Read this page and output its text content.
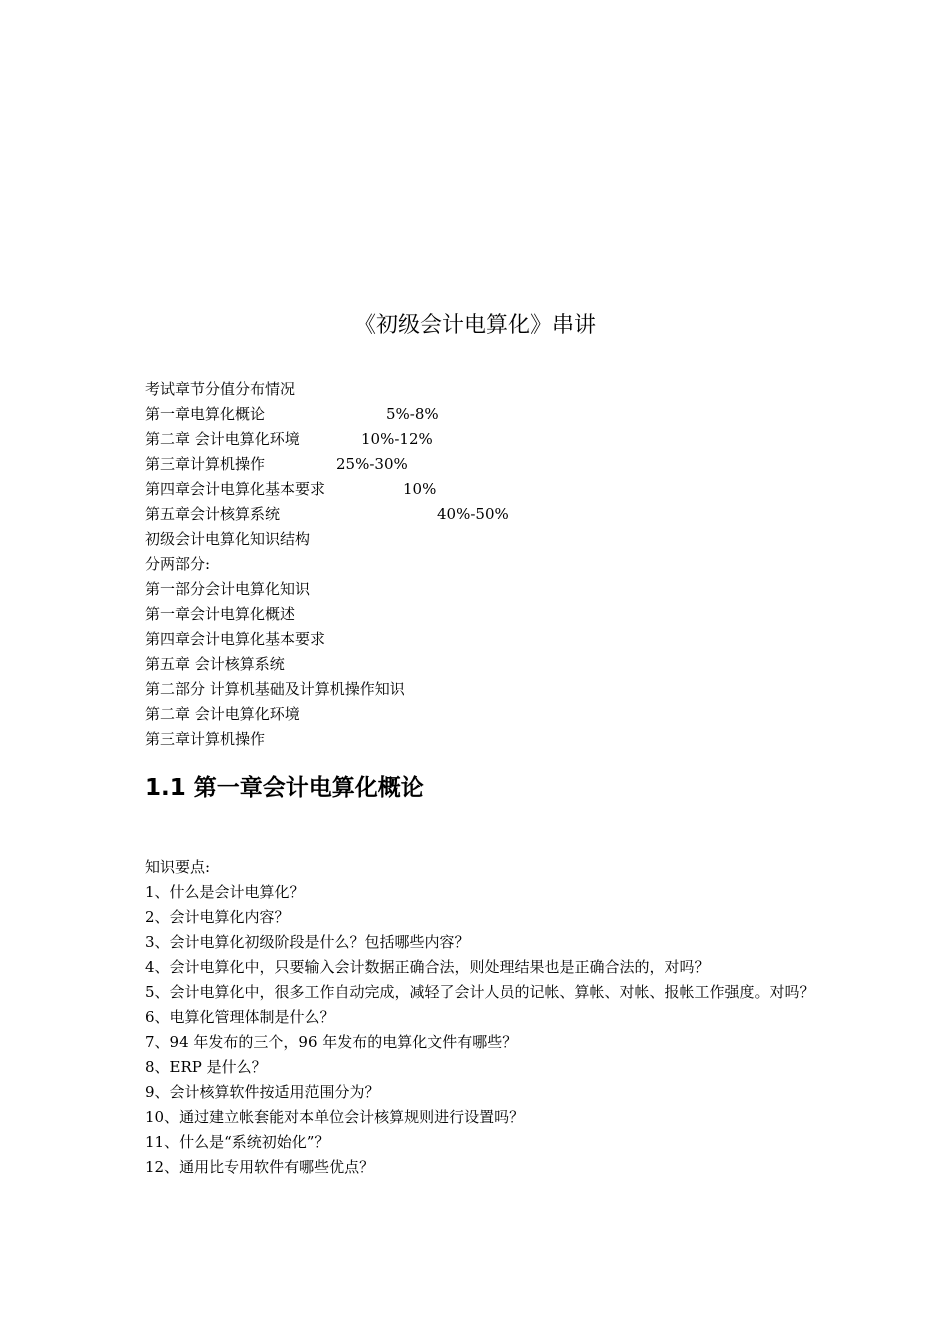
《初级会计电算化》串讲
考试章节分值分布情况
第一章电算化概论	5%-8%
第二章 会计电算化环境	10%-12%
第三章计算机操作	25%-30%
第四章会计电算化基本要求	10%
第五章会计核算系统	40%-50%
初级会计电算化知识结构
分两部分:
第一部分会计电算化知识
第一章会计电算化概述
第四章会计电算化基本要求
第五章 会计核算系统
第二部分 计算机基础及计算机操作知识
第二章 会计电算化环境
第三章计算机操作
1.1 第一章会计电算化概论
知识要点:
1、什么是会计电算化？
2、会计电算化内容？
3、会计电算化初级阶段是什么？包括哪些内容？
4、会计电算化中，只要输入会计数据正确合法，则处理结果也是正确合法的，对吗？
5、会计电算化中，很多工作自动完成，减轻了会计人员的记帐、算帐、对帐、报帐工作强度。对吗？
6、电算化管理体制是什么？
7、94 年发布的三个，96 年发布的电算化文件有哪些？
8、ERP 是什么？
9、会计核算软件按适用范围分为？
10、通过建立帐套能对本单位会计核算规则进行设置吗？
11、什么是“系统初始化”？
12、通用比专用软件有哪些优点？
